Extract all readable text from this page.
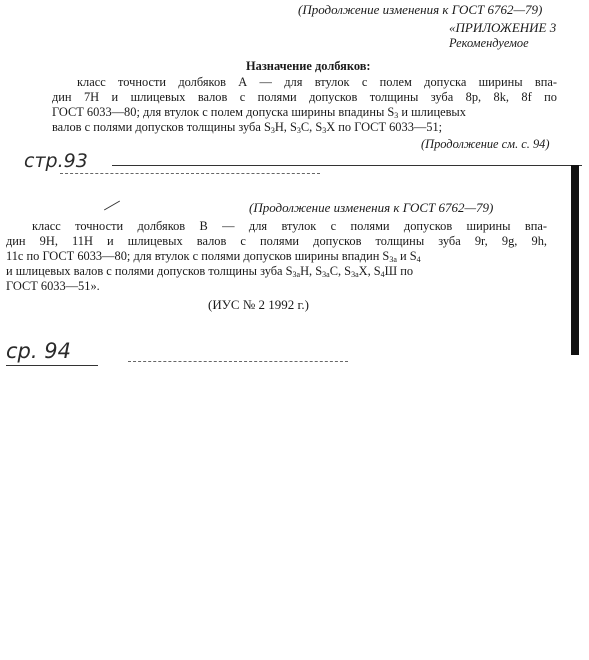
(Продолжение изменения к ГОСТ 6762—79)
«ПРИЛОЖЕНИЕ 3
Рекомендуемое
Назначение долбяков:
класс точности долбяков А — для втулок с полем допуска ширины впа-
дин 7Н и шлицевых валов с полями допусков толщины зуба 8р, 8k, 8f по
ГОСТ 6033—80; для втулок с полем допуска ширины впадины $S_3$ и шлицевых
валов с полями допусков толщины зуба $S_3Н$, $S_3C$, $S_3X$ по ГОСТ 6033—51;
(Продолжение см. с. 94)
стр.93
(Продолжение изменения к ГОСТ 6762—79)
класс точности долбяков В — для втулок с полями допусков ширины впа-
дин 9Н, 11Н и шлицевых валов с полями допусков толщины зуба 9r, 9g, 9h,
11с по ГОСТ 6033—80; для втулок с полями допусков ширины впадин $S_{3а}$ и $S_4$
и шлицевых валов с полями допусков толщины зуба $S_{3а}Н$, $S_{3а}С$, $S_{3а}Х$, $S_4Ш$ по
ГОСТ 6033—51».
(ИУС № 2 1992 г.)
ср. 94
